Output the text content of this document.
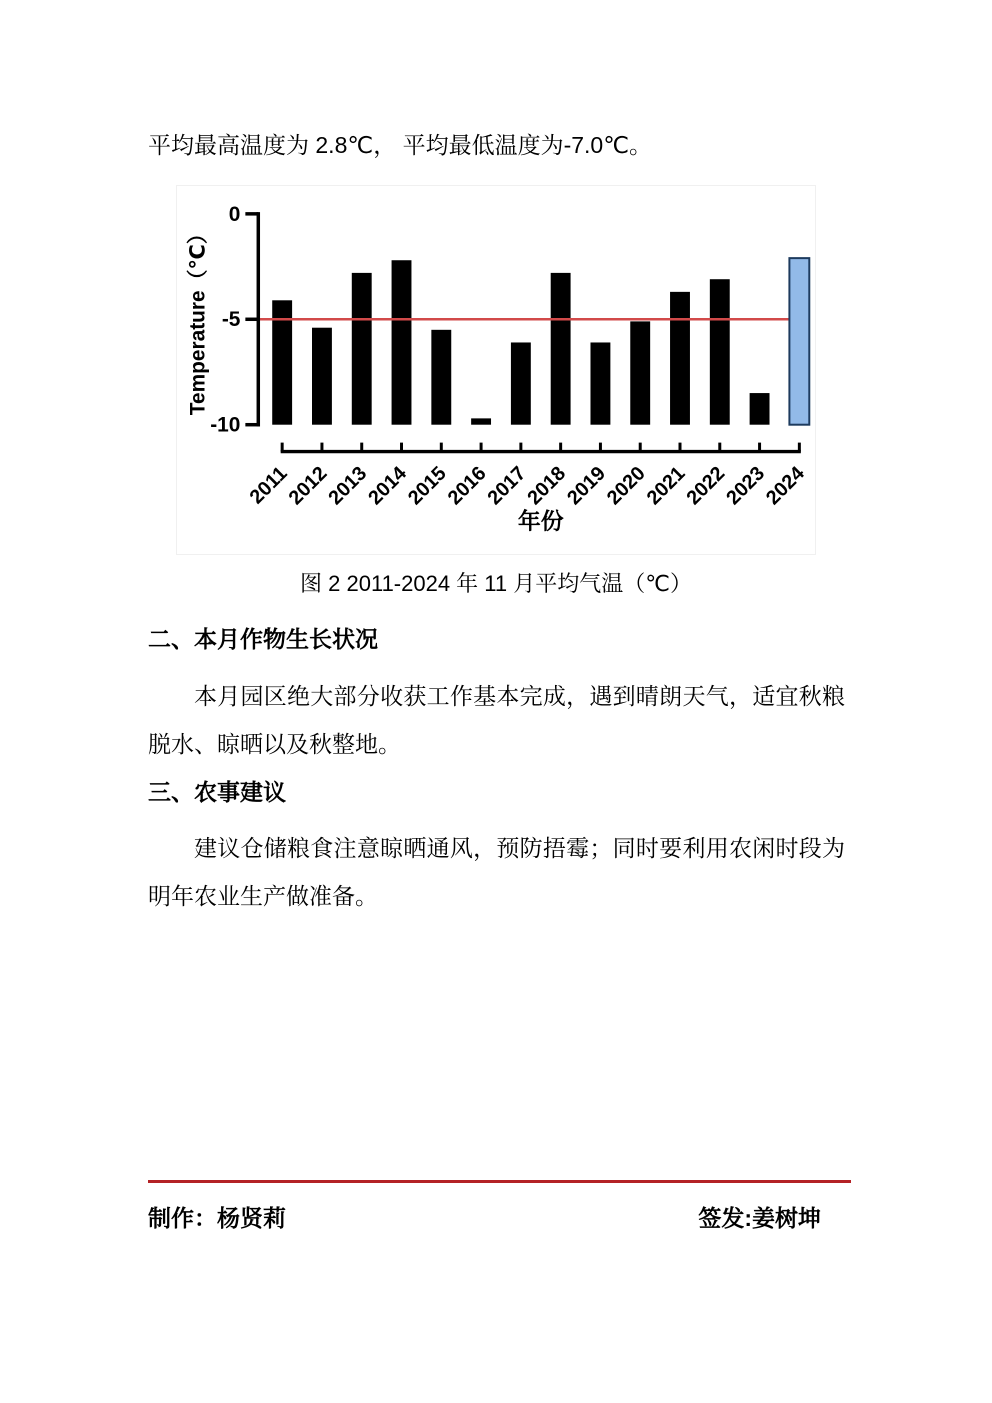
平均最高温度为 2.8℃， 平均最低温度为-7.0℃。
0
-5
-10
Temperature（℃）
2011
2012
2013
2014
2015
2016
2017
2018
2019
2020
2021
2022
2023
2024
年份
图 2 2011-2024 年 11 月平均气温（℃）
二、本月作物生长状况
本月园区绝大部分收获工作基本完成，遇到晴朗天气，适宜秋粮脱水、晾晒以及秋整地。
三、农事建议
建议仓储粮食注意晾晒通风，预防捂霉；同时要利用农闲时段为明年农业生产做准备。
制作：杨贤莉	签发:姜树坤
